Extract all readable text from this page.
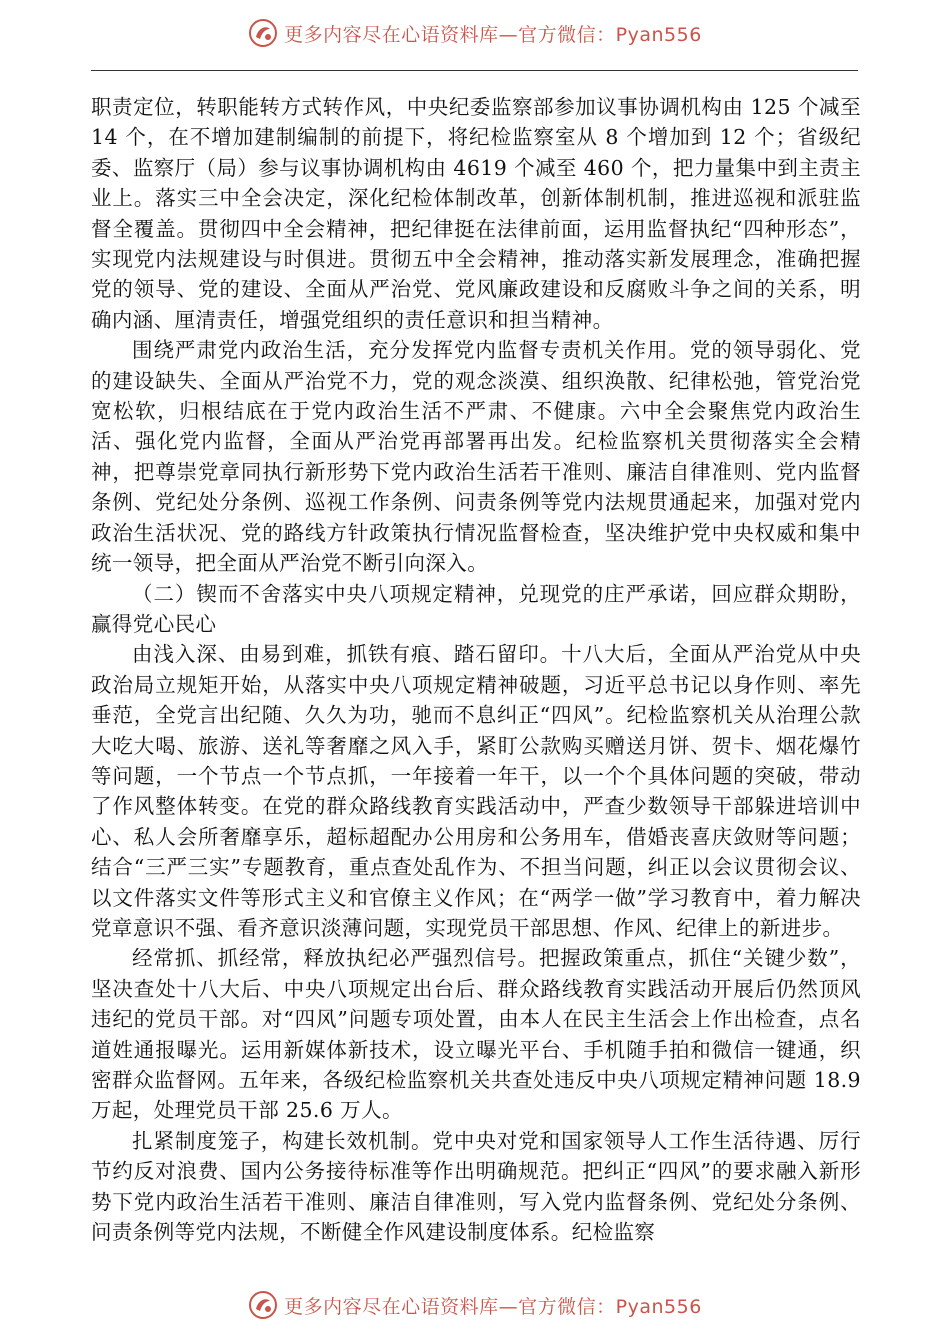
更多内容尽在心语资料库—官方微信：Pyan556

职责定位，转职能转方式转作风，中央纪委监察部参加议事协调机构由 125 个减至 14 个，在不增加建制编制的前提下，将纪检监察室从 8 个增加到 12 个；省级纪委、监察厅（局）参与议事协调机构由 4619 个减至 460 个，把力量集中到主责主业上。落实三中全会决定，深化纪检体制改革，创新体制机制，推进巡视和派驻监督全覆盖。贯彻四中全会精神，把纪律挺在法律前面，运用监督执纪“四种形态”，实现党内法规建设与时俱进。贯彻五中全会精神，推动落实新发展理念，准确把握党的领导、党的建设、全面从严治党、党风廉政建设和反腐败斗争之间的关系，明确内涵、厘清责任，增强党组织的责任意识和担当精神。

围绕严肃党内政治生活，充分发挥党内监督专责机关作用。党的领导弱化、党的建设缺失、全面从严治党不力，党的观念淡漠、组织涣散、纪律松弛，管党治党宽松软，归根结底在于党内政治生活不严肃、不健康。六中全会聚焦党内政治生活、强化党内监督，全面从严治党再部署再出发。纪检监察机关贯彻落实全会精神，把尊崇党章同执行新形势下党内政治生活若干准则、廉洁自律准则、党内监督条例、党纪处分条例、巡视工作条例、问责条例等党内法规贯通起来，加强对党内政治生活状况、党的路线方针政策执行情况监督检查，坚决维护党中央权威和集中统一领导，把全面从严治党不断引向深入。

（二）锲而不舍落实中央八项规定精神，兑现党的庄严承诺，回应群众期盼，赢得党心民心

由浅入深、由易到难，抓铁有痕、踏石留印。十八大后，全面从严治党从中央政治局立规矩开始，从落实中央八项规定精神破题，习近平总书记以身作则、率先垂范，全党言出纪随、久久为功，驰而不息纠正“四风”。纪检监察机关从治理公款大吃大喝、旅游、送礼等奢靡之风入手，紧盯公款购买赠送月饼、贺卡、烟花爆竹等问题，一个节点一个节点抓，一年接着一年干，以一个个具体问题的突破，带动了作风整体转变。在党的群众路线教育实践活动中，严查少数领导干部躲进培训中心、私人会所奢靡享乐，超标超配办公用房和公务用车，借婚丧喜庆敛财等问题；结合“三严三实”专题教育，重点查处乱作为、不担当问题，纠正以会议贯彻会议、以文件落实文件等形式主义和官僚主义作风；在“两学一做”学习教育中，着力解决党章意识不强、看齐意识淡薄问题，实现党员干部思想、作风、纪律上的新进步。

经常抓、抓经常，释放执纪必严强烈信号。把握政策重点，抓住“关键少数”，坚决查处十八大后、中央八项规定出台后、群众路线教育实践活动开展后仍然顶风违纪的党员干部。对“四风”问题专项处置，由本人在民主生活会上作出检查，点名道姓通报曝光。运用新媒体新技术，设立曝光平台、手机随手拍和微信一键通，织密群众监督网。五年来，各级纪检监察机关共查处违反中央八项规定精神问题 18.9 万起，处理党员干部 25.6 万人。

扎紧制度笼子，构建长效机制。党中央对党和国家领导人工作生活待遇、厉行节约反对浪费、国内公务接待标准等作出明确规范。把纠正“四风”的要求融入新形势下党内政治生活若干准则、廉洁自律准则，写入党内监督条例、党纪处分条例、问责条例等党内法规，不断健全作风建设制度体系。纪检监察

更多内容尽在心语资料库—官方微信：Pyan556
